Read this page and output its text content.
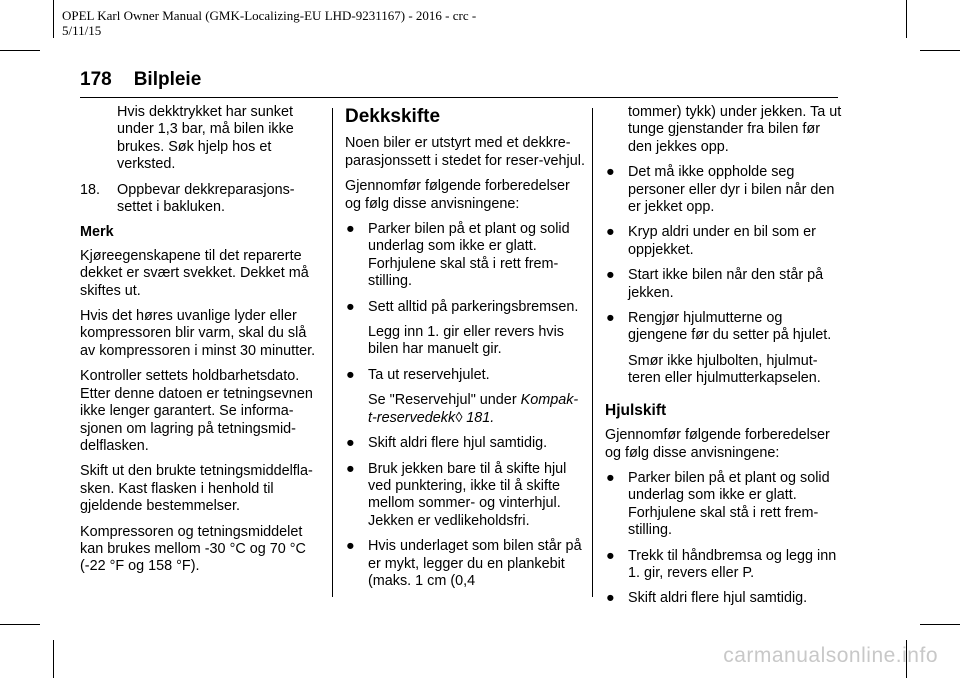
OPEL Karl Owner Manual (GMK-Localizing-EU LHD-9231167) - 2016 - crc -
5/11/15
178 Bilpleie

Hvis dekktrykket har sunket under 1,3 bar, må bilen ikke brukes. Søk hjelp hos et verksted.

18. Oppbevar dekkreparasjons-settet i bakluken.
Merk

Kjøreegenskapene til det reparerte dekket er svært svekket. Dekket må skiftes ut.

Hvis det høres uvanlige lyder eller kompressoren blir varm, skal du slå av kompressoren i minst 30 minutter.

Kontroller settets holdbarhetsdato. Etter denne datoen er tetningsevnen ikke lenger garantert. Se informa-sjonen om lagring på tetningsmid-delflasken.

Skift ut den brukte tetningsmiddelfla-sken. Kast flasken i henhold til gjeldende bestemmelser.

Kompressoren og tetningsmiddelet kan brukes mellom -30 °C og 70 °C (-22 °F og 158 °F).

Dekkskifte

Noen biler er utstyrt med et dekkre-parasjonssett i stedet for reser-vehjul.

Gjennomfør følgende forberedelser og følg disse anvisningene:

● Parker bilen på et plant og solid underlag som ikke er glatt. Forhjulene skal stå i rett frem-stilling.
● Sett alltid på parkeringsbremsen.

Legg inn 1. gir eller revers hvis bilen har manuelt gir.

● Ta ut reservehjulet.

Se "Reservehjul" under Kompak-t-reservedekk◊ 181.

● Skift aldri flere hjul samtidig.
● Bruk jekken bare til å skifte hjul ved punktering, ikke til å skifte mellom sommer- og vinterhjul. Jekken er vedlikeholdsfri.
● Hvis underlaget som bilen står på er mykt, legger du en plankebit (maks. 1 cm (0,4

tommer) tykk) under jekken. Ta ut tunge gjenstander fra bilen før den jekkes opp.

● Det må ikke oppholde seg personer eller dyr i bilen når den er jekket opp.
● Kryp aldri under en bil som er oppjekket.
● Start ikke bilen når den står på jekken.
● Rengjør hjulmutterne og gjengene før du setter på hjulet.

Smør ikke hjulbolten, hjulmut-teren eller hjulmutterkapselen.

Hjulskift

Gjennomfør følgende forberedelser og følg disse anvisningene:

● Parker bilen på et plant og solid underlag som ikke er glatt. Forhjulene skal stå i rett frem-stilling.
● Trekk til håndbremsa og legg inn 1. gir, revers eller P.
● Skift aldri flere hjul samtidig.
carmanualsonline.info
